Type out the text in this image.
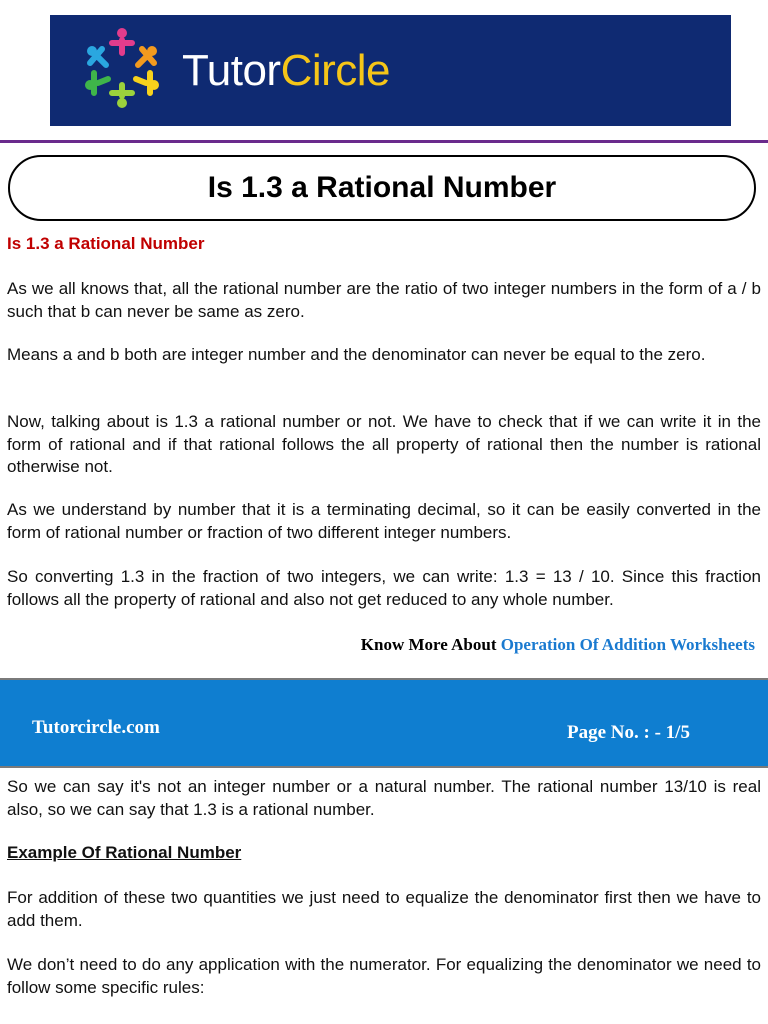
TutorCircle
Is 1.3 a Rational Number
Is 1.3 a Rational Number
As we all knows that, all the rational number are the ratio of two integer numbers in the form of a / b such that b can never be same as zero.
Means a and b both are integer number and the denominator can never be equal to the zero.
Now, talking about is 1.3 a rational number or not. We have to check that if we can write it in the form of rational and if that rational follows the all property of rational then the number is rational otherwise not.
As we understand by number that it is a terminating decimal, so it can be easily converted in the form of rational number or fraction of two different integer numbers.
So converting 1.3 in the fraction of two integers, we can write: 1.3 = 13 / 10. Since this fraction follows all the property of rational and also not get reduced to any whole number.
Know More About Operation Of Addition Worksheets
Tutorcircle.com	Page No. : - 1/5
So we can say it's not an integer number or a natural number. The rational number 13/10 is real also, so we can say that 1.3 is a rational number.
Example Of Rational Number
For addition of these two quantities we just need to equalize the denominator first then we have to add them.
We don’t need to do any application with the numerator. For equalizing the denominator we need to follow some specific rules:
